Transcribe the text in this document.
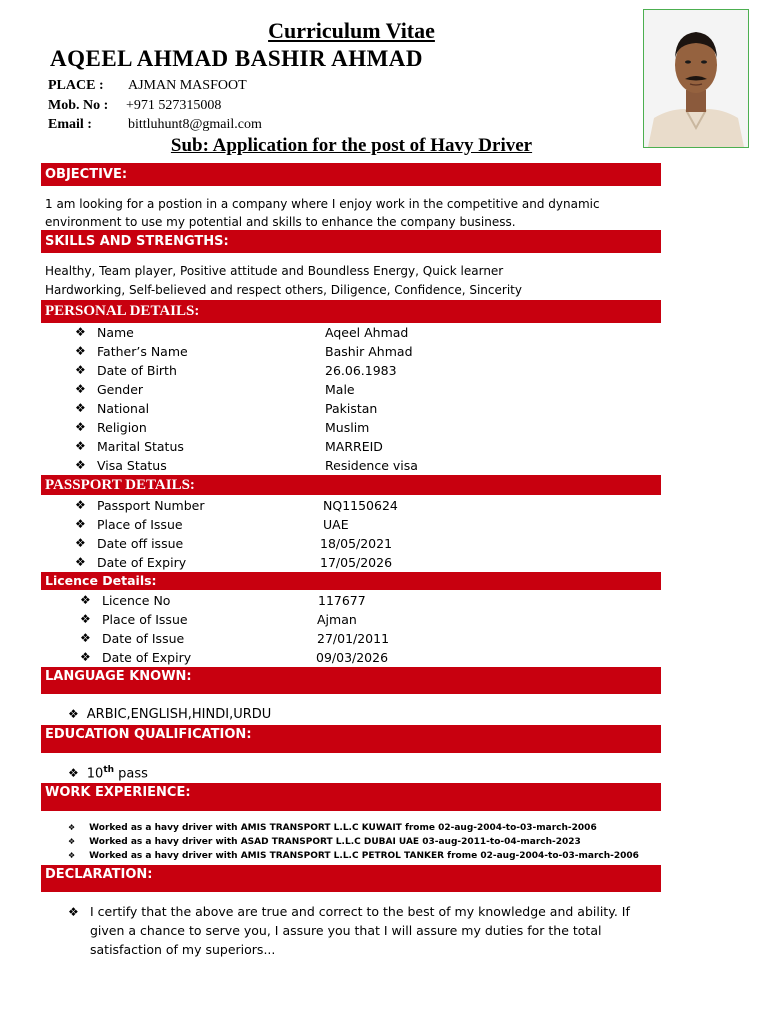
Curriculum Vitae
AQEEL AHMAD BASHIR AHMAD
PLACE : AJMAN MASFOOT
Mob. No : +971 527315008
Email :	bittluhunt8@gmail.com
Sub: Application for the post of Havy Driver
OBJECTIVE:
1 am looking for a postion in a company where I enjoy work in the competitive and dynamic environment to use my potential and skills to enhance the company business.
SKILLS AND STRENGTHS:
Healthy, Team player, Positive attitude and Boundless Energy, Quick learner
Hardworking, Self-believed and respect others, Diligence, Confidence, Sincerity
PERSONAL DETAILS:
❖ Name	Aqeel Ahmad
❖ Father’s Name	Bashir Ahmad
❖ Date of Birth	26.06.1983
❖ Gender	Male
❖ National	Pakistan
❖ Religion	Muslim
❖ Marital Status	MARREID
❖ Visa Status	Residence visa
PASSPORT DETAILS:
❖ Passport Number	NQ1150624
❖ Place of Issue	UAE
❖ Date off issue	18/05/2021
❖ Date of Expiry	17/05/2026
Licence Details:
❖ Licence No	117677
❖ Place of Issue	Ajman
❖ Date of Issue	27/01/2011
❖ Date of Expiry	09/03/2026
LANGUAGE KNOWN:
❖ ARBIC,ENGLISH,HINDI,URDU
EDUCATION QUALIFICATION:
❖ 10th pass
WORK EXPERIENCE:
❖ Worked as a havy driver with AMIS TRANSPORT L.L.C KUWAIT frome 02-aug-2004-to-03-march-2006
❖ Worked as a havy driver with ASAD TRANSPORT L.L.C DUBAI UAE 03-aug-2011-to-04-march-2023
❖ Worked as a havy driver with AMIS TRANSPORT L.L.C PETROL TANKER frome 02-aug-2004-to-03-march-2006
DECLARATION:
❖ I certify that the above are true and correct to the best of my knowledge and ability. If given a chance to serve you, I assure you that I will assure my duties for the total satisfaction of my superiors...
